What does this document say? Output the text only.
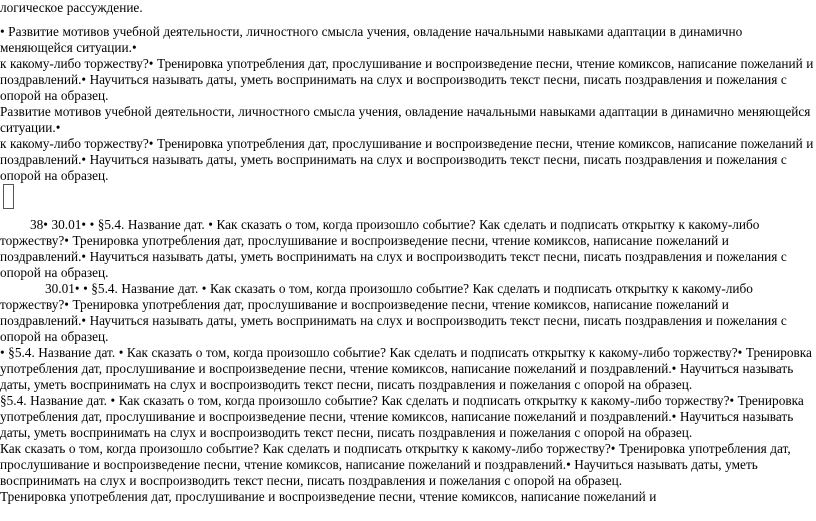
логическое рассуждение.

• Развитие мотивов учебной деятельности, личностного смысла учения, овладение начальными навыками адаптации в динамично меняющейся ситуации.•

к какому-либо торжеству?• Тренировка употребления дат, прослушивание и воспроизведение песни, чтение комиксов, написание пожеланий и поздравлений.• Научиться называть даты, уметь воспринимать на слух и воспроизводить текст песни, писать поздравления и пожелания с опорой на образец.

Развитие мотивов учебной деятельности, личностного смысла учения, овладение начальными навыками адаптации в динамично меняющейся ситуации.•

к какому-либо торжеству?• Тренировка употребления дат, прослушивание и воспроизведение песни, чтение комиксов, написание пожеланий и поздравлений.• Научиться называть даты, уметь воспринимать на слух и воспроизводить текст песни, писать поздравления и пожелания с опорой на образец.

38• 30.01• • §5.4. Название дат. • Как сказать о том, когда произошло событие? Как сделать и подписать открытку к какому-либо торжеству?• Тренировка употребления дат, прослушивание и воспроизведение песни, чтение комиксов, написание пожеланий и поздравлений.• Научиться называть даты, уметь воспринимать на слух и воспроизводить текст песни, писать поздравления и пожелания с опорой на образец.

30.01• • §5.4. Название дат. • Как сказать о том, когда произошло событие? Как сделать и подписать открытку к какому-либо торжеству?• Тренировка употребления дат, прослушивание и воспроизведение песни, чтение комиксов, написание пожеланий и поздравлений.• Научиться называть даты, уметь воспринимать на слух и воспроизводить текст песни, писать поздравления и пожелания с опорой на образец.

• §5.4. Название дат. • Как сказать о том, когда произошло событие? Как сделать и подписать открытку к какому-либо торжеству?• Тренировка употребления дат, прослушивание и воспроизведение песни, чтение комиксов, написание пожеланий и поздравлений.• Научиться называть даты, уметь воспринимать на слух и воспроизводить текст песни, писать поздравления и пожелания с опорой на образец.

§5.4. Название дат. • Как сказать о том, когда произошло событие? Как сделать и подписать открытку к какому-либо торжеству?• Тренировка употребления дат, прослушивание и воспроизведение песни, чтение комиксов, написание пожеланий и поздравлений.• Научиться называть даты, уметь воспринимать на слух и воспроизводить текст песни, писать поздравления и пожелания с опорой на образец.

Как сказать о том, когда произошло событие? Как сделать и подписать открытку к какому-либо торжеству?• Тренировка употребления дат, прослушивание и воспроизведение песни, чтение комиксов, написание пожеланий и поздравлений.• Научиться называть даты, уметь воспринимать на слух и воспроизводить текст песни, писать поздравления и пожелания с опорой на образец.

Тренировка употребления дат, прослушивание и воспроизведение песни, чтение комиксов, написание пожеланий и
